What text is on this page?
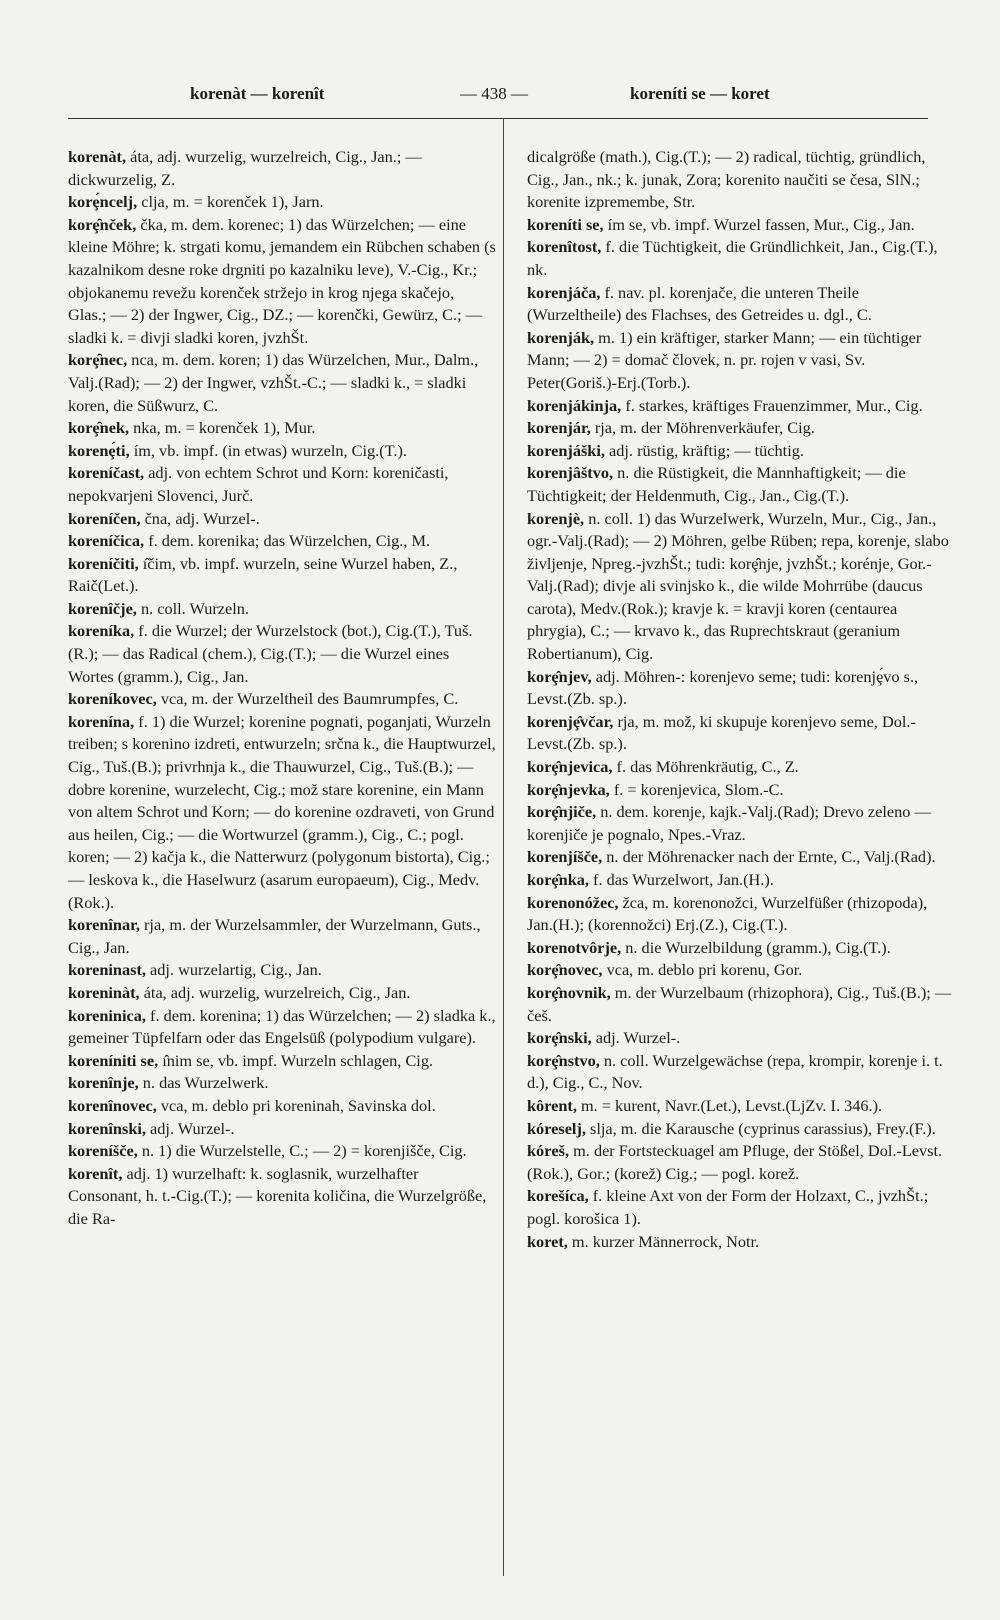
korenàt — korenît	— 438 —	koreníti se — koret

korenàt, áta, adj. wurzelig, wurzelreich, Cig., Jan.; — dickwurzelig, Z.

korȩ́ncelj, clja, m. = korenček 1), Jarn.

korȩ̑nček, čka, m. dem. korenec; 1) das Würzelchen; — eine kleine Möhre; k. strgati komu, jemandem ein Rübchen schaben (s kazalnikom desne roke drgniti po kazalniku leve), V.-Cig., Kr.; objokanemu revežu korenček stržejo in krog njega skačejo, Glas.; — 2) der Ingwer, Cig., DZ.; — korenčki, Gewürz, C.; — sladki k. = divji sladki koren, jvzhŠt.

korȩ̑nec, nca, m. dem. koren; 1) das Würzelchen, Mur., Dalm., Valj.(Rad); — 2) der Ingwer, vzhŠt.-C.; — sladki k., = sladki koren, die Süßwurz, C.

korȩ̑nek, nka, m. = korenček 1), Mur.

korenȩ́ti, ím, vb. impf. (in etwas) wurzeln, Cig.(T.).

koreníčast, adj. von echtem Schrot und Korn: koreničasti, nepokvarjeni Slovenci, Jurč.

koreníčen, čna, adj. Wurzel-.

koreníčica, f. dem. korenika; das Würzelchen, Cig., M.

koreníčiti, ı̂čim, vb. impf. wurzeln, seine Wurzel haben, Z., Raič(Let.).

korenîčje, n. coll. Wurzeln.

koreníka, f. die Wurzel; der Wurzelstock (bot.), Cig.(T.), Tuš.(R.); — das Radical (chem.), Cig.(T.); — die Wurzel eines Wortes (gramm.), Cig., Jan.

koreníkovec, vca, m. der Wurzeltheil des Baumrumpfes, C.

korenína, f. 1) die Wurzel; korenine pognati, poganjati, Wurzeln treiben; s korenino izdreti, entwurzeln; srčna k., die Hauptwurzel, Cig., Tuš.(B.); privrhnja k., die Thauwurzel, Cig., Tuš.(B.); — dobre korenine, wurzelecht, Cig.; mož stare korenine, ein Mann von altem Schrot und Korn; — do korenine ozdraveti, von Grund aus heilen, Cig.; — die Wortwurzel (gramm.), Cig., C.; pogl. koren; — 2) kačja k., die Natterwurz (polygonum bistorta), Cig.; — leskova k., die Haselwurz (asarum europaeum), Cig., Medv.(Rok.).

korenînar, rja, m. der Wurzelsammler, der Wurzelmann, Guts., Cig., Jan.

koreninast, adj. wurzelartig, Cig., Jan.

koreninàt, áta, adj. wurzelig, wurzelreich, Cig., Jan.

koreninica, f. dem. korenina; 1) das Würzelchen; — 2) sladka k., gemeiner Tüpfelfarn oder das Engelsüß (polypodium vulgare).

koreníniti se, ı̂nim se, vb. impf. Wurzeln schlagen, Cig.

korenînje, n. das Wurzelwerk.

korenînovec, vca, m. deblo pri koreninah, Savinska dol.

korenînski, adj. Wurzel-.

koreníšče, n. 1) die Wurzelstelle, C.; — 2) = korenjišče, Cig.

korenît, adj. 1) wurzelhaft: k. soglasnik, wurzelhafter Consonant, h. t.-Cig.(T.); — korenita količina, die Wurzelgröße, die Ra-

dicalgröße (math.), Cig.(T.); — 2) radical, tüchtig, gründlich, Cig., Jan., nk.; k. junak, Zora; korenito naučiti se česa, SlN.; korenite izpremembe, Str.

koreníti se, ím se, vb. impf. Wurzel fassen, Mur., Cig., Jan.

korenîtost, f. die Tüchtigkeit, die Gründlichkeit, Jan., Cig.(T.), nk.

korenjáča, f. nav. pl. korenjače, die unteren Theile (Wurzeltheile) des Flachses, des Getreides u. dgl., C.

korenják, m. 1) ein kräftiger, starker Mann; — ein tüchtiger Mann; — 2) = domač človek, n. pr. rojen v vasi, Sv. Peter(Goriš.)-Erj.(Torb.).

korenjákinja, f. starkes, kräftiges Frauenzimmer, Mur., Cig.

korenjár, rja, m. der Möhrenverkäufer, Cig.

korenjáški, adj. rüstig, kräftig; — tüchtig.

korenjâštvo, n. die Rüstigkeit, die Mannhaftigkeit; — die Tüchtigkeit; der Heldenmuth, Cig., Jan., Cig.(T.).

korenjè, n. coll. 1) das Wurzelwerk, Wurzeln, Mur., Cig., Jan., ogr.-Valj.(Rad); — 2) Möhren, gelbe Rüben; repa, korenje, slabo življenje, Npreg.-jvzhŠt.; tudi: korȩ̂nje, jvzhŠt.; korénje, Gor.-Valj.(Rad); divje ali svinjsko k., die wilde Mohrrübe (daucus carota), Medv.(Rok.); kravje k. = kravji koren (centaurea phrygia), C.; — krvavo k., das Ruprechtskraut (geranium Robertianum), Cig.

korȩ̂njev, adj. Möhren-: korenjevo seme; tudi: korenjȩ́vo s., Levst.(Zb. sp.).

korenjȩ̂včar, rja, m. mož, ki skupuje korenjevo seme, Dol.-Levst.(Zb. sp.).

korȩ̂njevica, f. das Möhrenkräutig, C., Z.

korȩ̂njevka, f. = korenjevica, Slom.-C.

korȩ̂njiče, n. dem. korenje, kajk.-Valj.(Rad); Drevo zeleno — korenjiče je pognalo, Npes.-Vraz.

korenjíšče, n. der Möhrenacker nach der Ernte, C., Valj.(Rad).

korȩ̂nka, f. das Wurzelwort, Jan.(H.).

korenonóžec, žca, m. korenonožci, Wurzelfüßer (rhizopoda), Jan.(H.); (korennožci) Erj.(Z.), Cig.(T.).

korenotvôrje, n. die Wurzelbildung (gramm.), Cig.(T.).

korȩ̂novec, vca, m. deblo pri korenu, Gor.

korȩ̂novnik, m. der Wurzelbaum (rhizophora), Cig., Tuš.(B.); — češ.

korȩ̂nski, adj. Wurzel-.

korȩ̂nstvo, n. coll. Wurzelgewächse (repa, krompir, korenje i. t. d.), Cig., C., Nov.

kôrent, m. = kurent, Navr.(Let.), Levst.(LjZv. I. 346.).

kóreselj, slja, m. die Karausche (cyprinus carassius), Frey.(F.).

kórеš, m. der Fortsteckuagel am Pfluge, der Stößel, Dol.-Levst.(Rok.), Gor.; (korež) Cig.; — pogl. korež.

korešíca, f. kleine Axt von der Form der Holzaxt, C., jvzhŠt.; pogl. korošica 1).

koret, m. kurzer Männerrock, Notr.
